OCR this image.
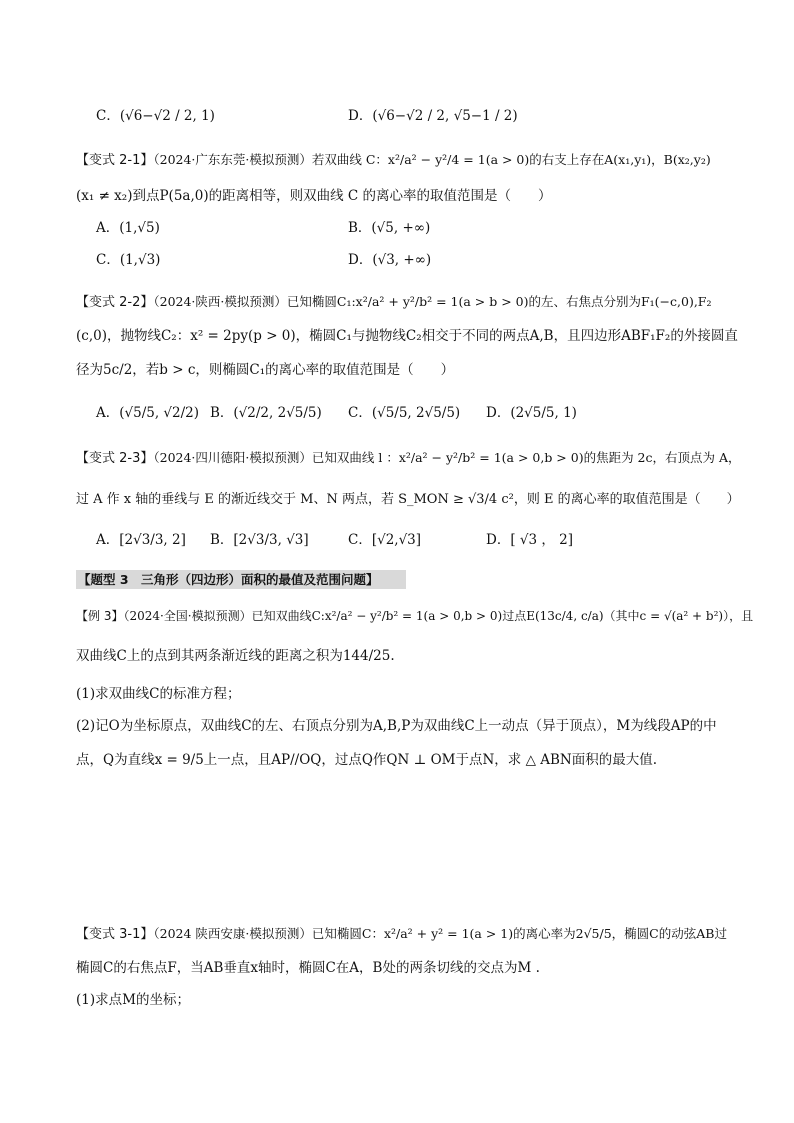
C．(√6−√2 / 2, 1)	D．(√6−√2 / 2, √5−1 / 2)
【变式 2-1】（2024·广东东莞·模拟预测）若双曲线 C：x²/a² − y²/4 = 1(a > 0)的右支上存在A(x₁,y₁)，B(x₂,y₂)
(x₁ ≠ x₂)到点P(5a,0)的距离相等，则双曲线 C 的离心率的取值范围是（　　）
A．(1,√5)	B．(√5, +∞)
C．(1,√3)	D．(√3, +∞)
【变式 2-2】（2024·陕西·模拟预测）已知椭圆C₁:x²/a² + y²/b² = 1(a > b > 0)的左、右焦点分别为F₁(−c,0),F₂
(c,0)，抛物线C₂：x² = 2py(p > 0)，椭圆C₁与抛物线C₂相交于不同的两点A,B，且四边形ABF₁F₂的外接圆直
径为5c/2，若b > c，则椭圆C₁的离心率的取值范围是（　　）
A．(√5/5, √2/2) B．(√2/2, 2√5/5) C．(√5/5, 2√5/5) D．(2√5/5, 1)
【变式 2-3】（2024·四川德阳·模拟预测）已知双曲线 l ：x²/a² − y²/b² = 1(a > 0,b > 0)的焦距为 2c，右顶点为 A，
过 A 作 x 轴的垂线与 E 的渐近线交于 M、N 两点，若 S_MON ≥ √3/4 c²，则 E 的离心率的取值范围是（　　）
A．[2√3/3, 2] B．[2√3/3, √3]	C．[√2,√3]	D．[ √3 ， 2]
【题型 3　三角形（四边形）面积的最值及范围问题】
【例 3】（2024·全国·模拟预测）已知双曲线C:x²/a² − y²/b² = 1(a > 0,b > 0)过点E(13c/4, c/a)（其中c = √(a² + b²)），且
双曲线C上的点到其两条渐近线的距离之积为144/25.
(1)求双曲线C的标准方程；
(2)记O为坐标原点，双曲线C的左、右顶点分别为A,B,P为双曲线C上一动点（异于顶点），M为线段AP的中
点，Q为直线x = 9/5上一点，且AP//OQ，过点Q作QN ⊥ OM于点N，求 △ ABN面积的最大值.
【变式 3-1】（2024 陕西安康·模拟预测）已知椭圆C：x²/a² + y² = 1(a > 1)的离心率为2√5/5，椭圆C的动弦AB过
椭圆C的右焦点F，当AB垂直x轴时，椭圆C在A，B处的两条切线的交点为M .
(1)求点M的坐标；
